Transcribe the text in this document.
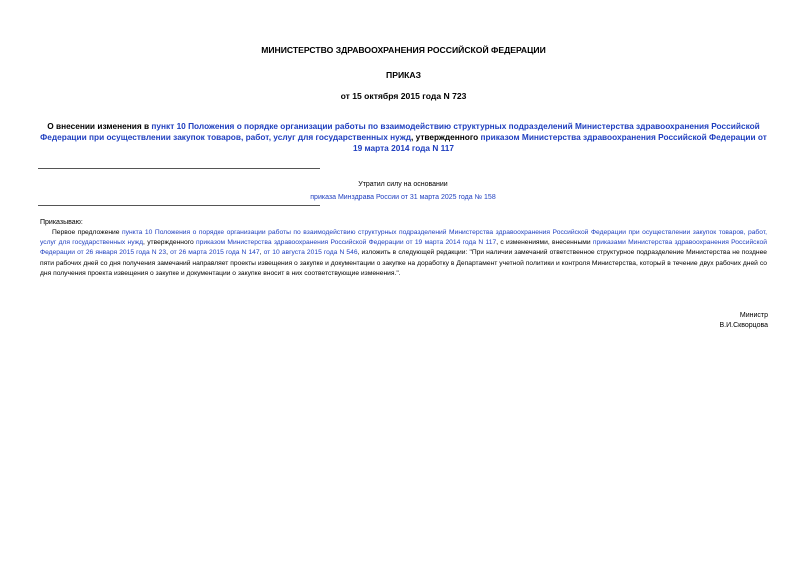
МИНИСТЕРСТВО ЗДРАВООХРАНЕНИЯ РОССИЙСКОЙ ФЕДЕРАЦИИ
ПРИКАЗ
от 15 октября 2015 года N 723
О внесении изменения в пункт 10 Положения о порядке организации работы по взаимодействию структурных подразделений Министерства здравоохранения Российской Федерации при осуществлении закупок товаров, работ, услуг для государственных нужд, утвержденного приказом Министерства здравоохранения Российской Федерации от 19 марта 2014 года N 117
Утратил силу на основании
приказа Минздрава России от 31 марта 2025 года № 158
Приказываю:
Первое предложение пункта 10 Положения о порядке организации работы по взаимодействию структурных подразделений Министерства здравоохранения Российской Федерации при осуществлении закупок товаров, работ, услуг для государственных нужд, утвержденного приказом Министерства здравоохранения Российской Федерации от 19 марта 2014 года N 117, с изменениями, внесенными приказами Министерства здравоохранения Российской Федерации от 26 января 2015 года N 23, от 26 марта 2015 года N 147, от 10 августа 2015 года N 546, изложить в следующей редакции: "При наличии замечаний ответственное структурное подразделение Министерства не позднее пяти рабочих дней со дня получения замечаний направляет проекты извещения о закупке и документации о закупке на доработку в Департамент учетной политики и контроля Министерства, который в течение двух рабочих дней со дня получения проекта извещения о закупке и документации о закупке вносит в них соответствующие изменения.".
Министр
В.И.Скворцова
